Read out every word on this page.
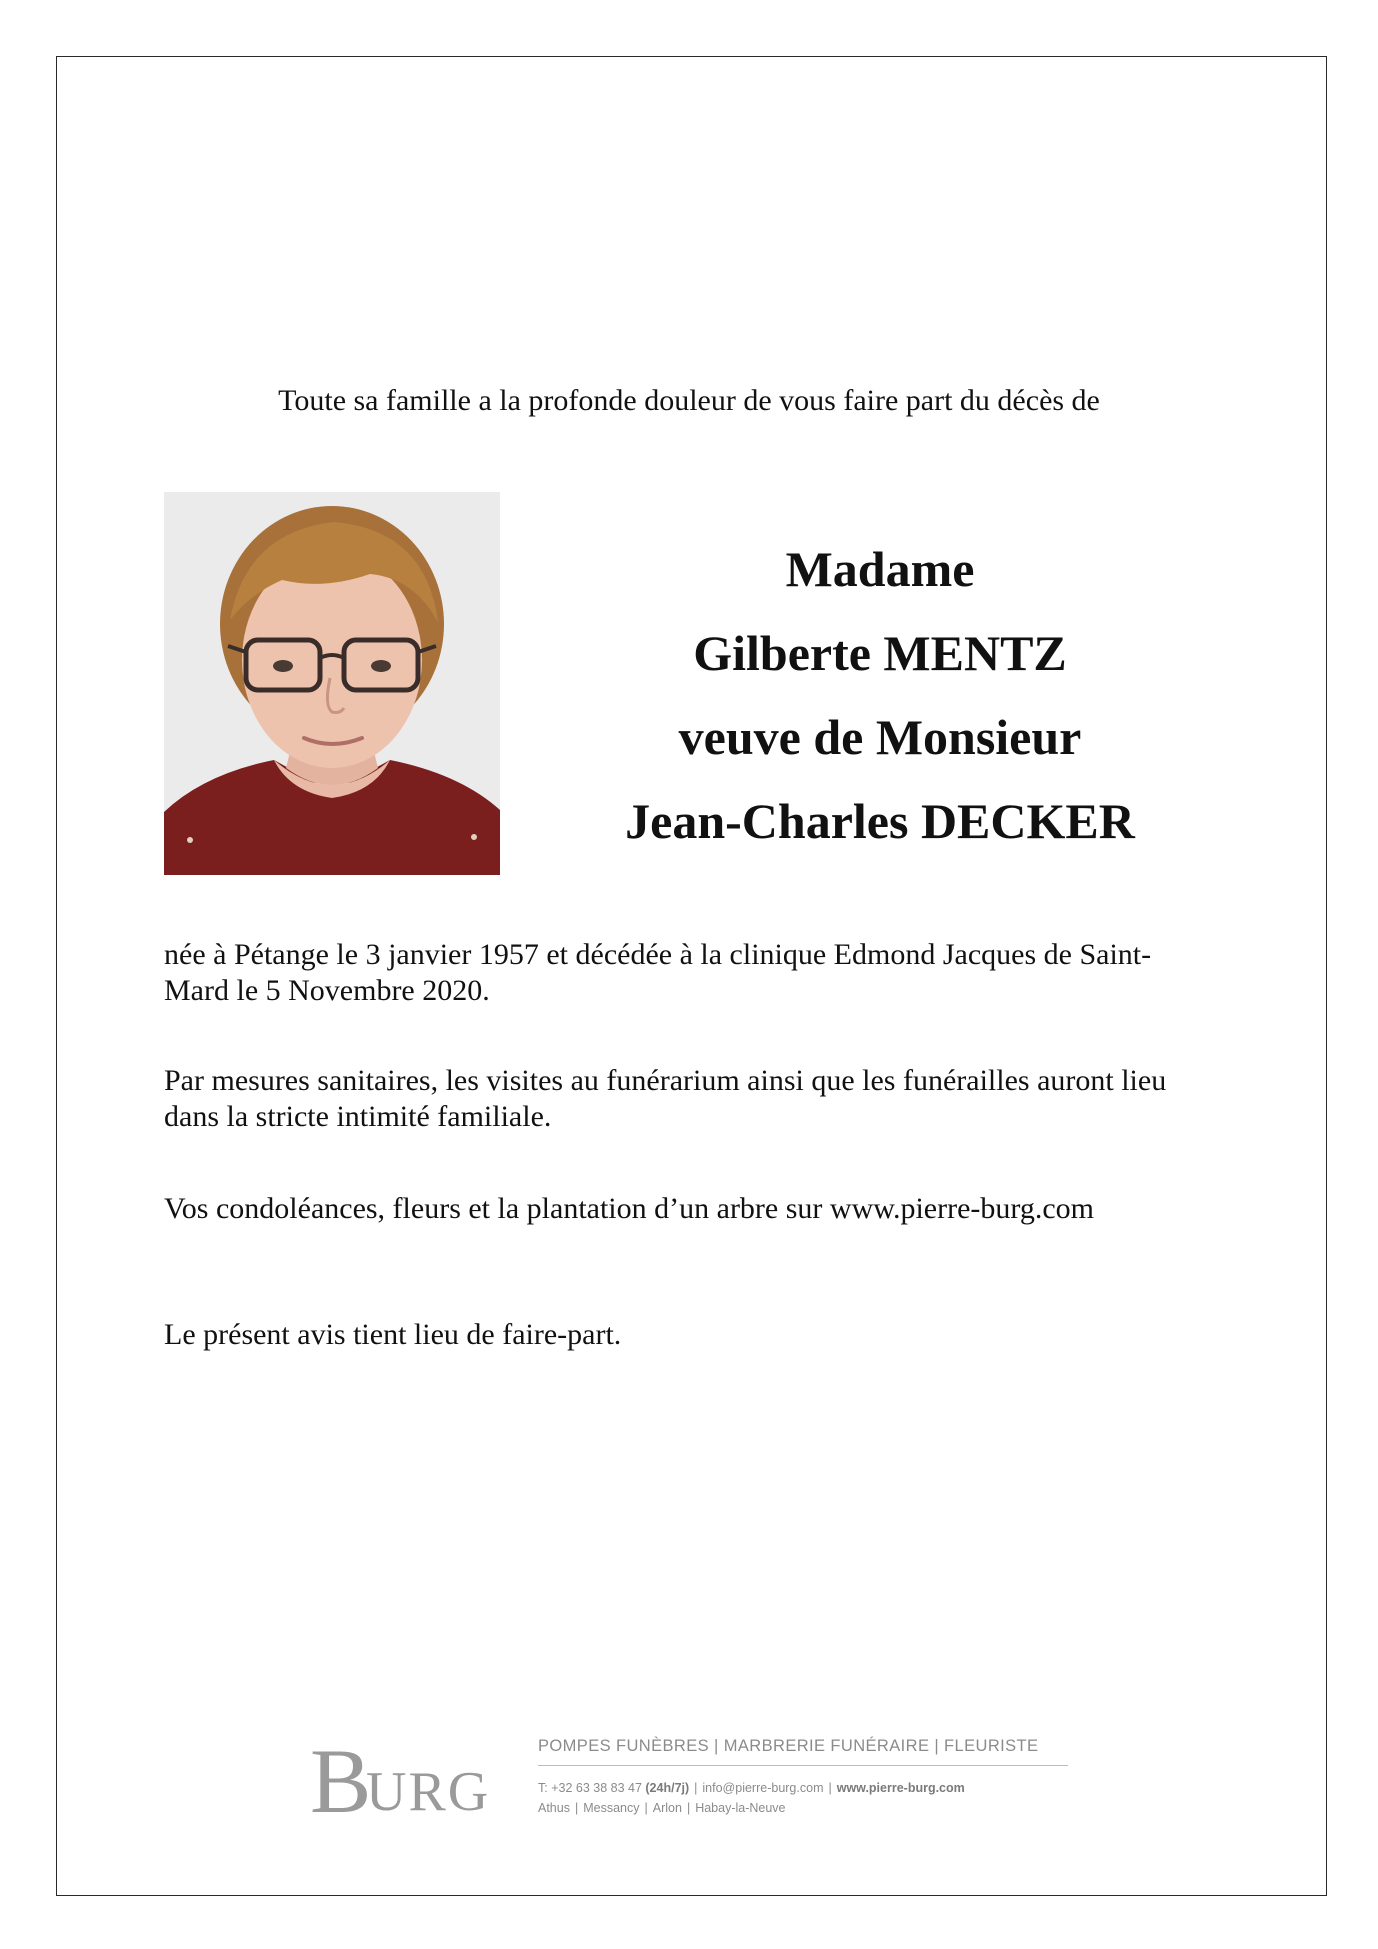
Toute sa famille a la profonde douleur de vous faire part du décès de
Madame
Gilberte MENTZ
veuve de Monsieur
Jean-Charles DECKER
née à Pétange le 3 janvier 1957 et décédée à la clinique Edmond Jacques de Saint-Mard le 5 Novembre 2020.
Par mesures sanitaires, les visites au funérarium ainsi que les funérailles auront lieu dans la stricte intimité familiale.
Vos condoléances, fleurs et la plantation d’un arbre sur www.pierre-burg.com
Le présent avis tient lieu de faire-part.
B
URG
POMPES FUNÈBRES | MARBRERIE FUNÉRAIRE | FLEURISTE
T: +32 63 38 83 47 (24h/7j) | info@pierre-burg.com | www.pierre-burg.com
Athus | Messancy | Arlon | Habay-la-Neuve
